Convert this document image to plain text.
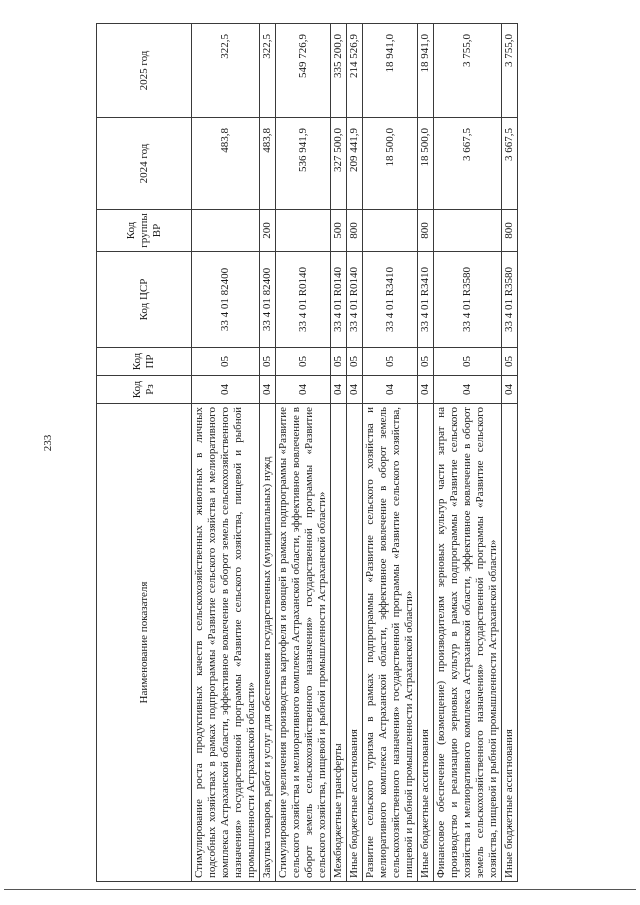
233
Наименование показателя	Код Рз	Код ПР	Код ЦСР	Код группы ВР	2024 год	2025 год
Стимулирование роста продуктивных качеств сельскохозяйственных животных в личных подсобных хозяйствах в рамках подпрограммы «Развитие сельского хозяйства и мелиоративного комплекса Астраханской области, эффективное вовлечение в оборот земель сельскохозяйственного назначения» государственной программы «Развитие сельского хозяйства, пищевой и рыбной промышленности Астраханской области»	04	05	33 4 01 82400		483,8	322,5
Закупка товаров, работ и услуг для обеспечения государственных (муниципальных) нужд	04	05	33 4 01 82400	200	483,8	322,5
Стимулирование увеличения производства картофеля и овощей в рамках подпрограммы «Развитие сельского хозяйства и мелиоративного комплекса Астраханской области, эффективное вовлечение в оборот земель сельскохозяйственного назначения» государственной программы «Развитие сельского хозяйства, пищевой и рыбной промышленности Астраханской области»	04	05	33 4 01 R0140		536 941,9	549 726,9
Межбюджетные трансферты	04	05	33 4 01 R0140	500	327 500,0	335 200,0
Иные бюджетные ассигнования	04	05	33 4 01 R0140	800	209 441,9	214 526,9
Развитие сельского туризма в рамках подпрограммы «Развитие сельского хозяйства и мелиоративного комплекса Астраханской области, эффективное вовлечение в оборот земель сельскохозяйственного назначения» государственной программы «Развитие сельского хозяйства, пищевой и рыбной промышленности Астраханской области»	04	05	33 4 01 R3410		18 500,0	18 941,0
Иные бюджетные ассигнования	04	05	33 4 01 R3410	800	18 500,0	18 941,0
Финансовое обеспечение (возмещение) производителям зерновых культур части затрат на производство и реализацию зерновых культур в рамках подпрограммы «Развитие сельского хозяйства и мелиоративного комплекса Астраханской области, эффективное вовлечение в оборот земель сельскохозяйственного назначения» государственной программы «Развитие сельского хозяйства, пищевой и рыбной промышленности Астраханской области»	04	05	33 4 01 R3580		3 667,5	3 755,0
Иные бюджетные ассигнования	04	05	33 4 01 R3580	800	3 667,5	3 755,0
